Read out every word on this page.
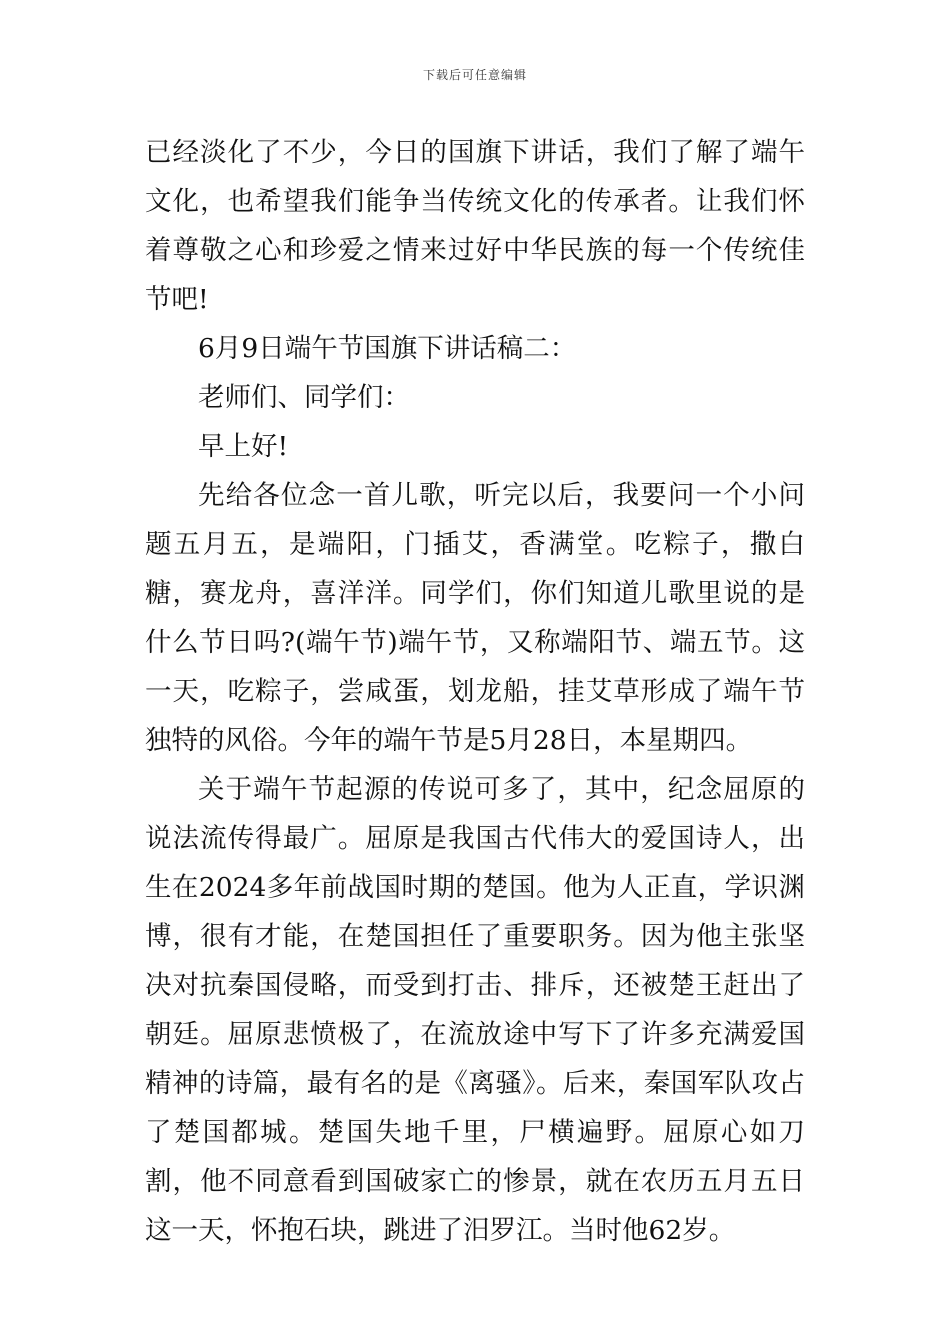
下载后可任意编辑

已经淡化了不少，今日的国旗下讲话，我们了解了端午文化，也希望我们能争当传统文化的传承者。让我们怀着尊敬之心和珍爱之情来过好中华民族的每一个传统佳节吧!

6月9日端午节国旗下讲话稿二：

老师们、同学们：

早上好!

先给各位念一首儿歌，听完以后，我要问一个小问题五月五，是端阳，门插艾，香满堂。吃粽子，撒白糖，赛龙舟，喜洋洋。同学们，你们知道儿歌里说的是什么节日吗?(端午节)端午节，又称端阳节、端五节。这一天，吃粽子，尝咸蛋，划龙船，挂艾草形成了端午节独特的风俗。今年的端午节是5月28日，本星期四。

关于端午节起源的传说可多了，其中，纪念屈原的说法流传得最广。屈原是我国古代伟大的爱国诗人，出生在2024多年前战国时期的楚国。他为人正直，学识渊博，很有才能，在楚国担任了重要职务。因为他主张坚决对抗秦国侵略，而受到打击、排斥，还被楚王赶出了朝廷。屈原悲愤极了，在流放途中写下了许多充满爱国精神的诗篇，最有名的是《离骚》。后来，秦国军队攻占了楚国都城。楚国失地千里，尸横遍野。屈原心如刀割，他不同意看到国破家亡的惨景，就在农历五月五日这一天，怀抱石块，跳进了汨罗江。当时他62岁。
